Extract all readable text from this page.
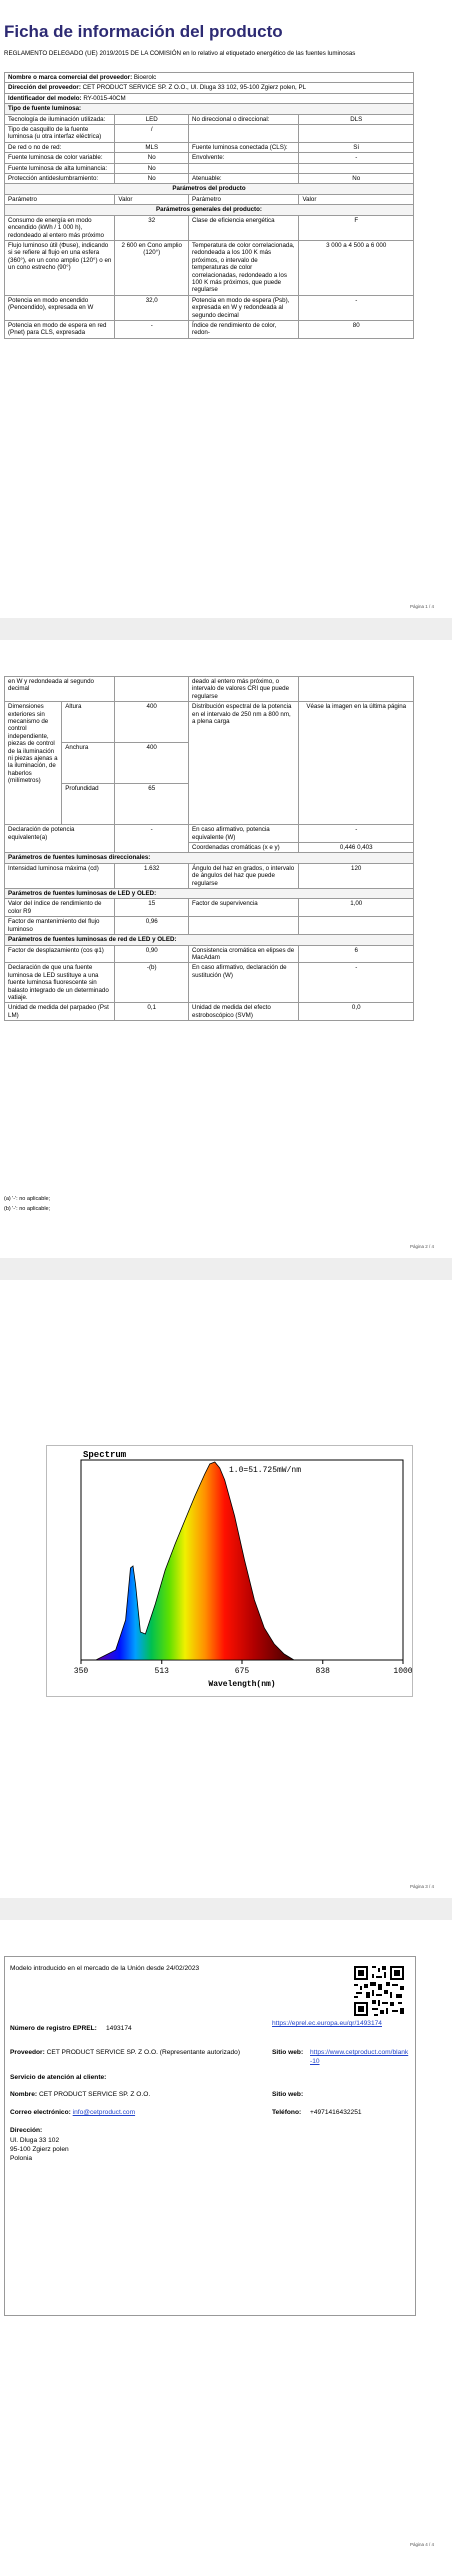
Ficha de información del producto
REGLAMENTO DELEGADO (UE) 2019/2015 DE LA COMISIÓN en lo relativo al etiquetado energético de las fuentes luminosas
Nombre o marca comercial del proveedor: Bioerolc			
Dirección del proveedor: CET PRODUCT SERVICE SP. Z O.O., Ul. Dluga 33 102, 95-100 Zgierz polen, PL			
Identificador del modelo: RY-0015-40CM			
Tipo de fuente luminosa:			
Tecnología de iluminación utilizada:	LED	No direccional o direccional:	DLS
Tipo de casquillo de la fuente luminosa (u otra interfaz eléctrica)	/		
De red o no de red:	MLS	Fuente luminosa conectada (CLS):	Sí
Fuente luminosa de color variable:	No	Envolvente:	-
Fuente luminosa de alta luminancia:	No		
Protección antideslumbramiento:	No	Atenuable:	No
Parámetros del producto			
Parámetro	Valor	Parámetro	Valor
Parámetros generales del producto:			
Consumo de energía en modo encendido (kWh / 1 000 h), redondeado al entero más próximo	32	Clase de eficiencia energética	F
Flujo luminoso útil (Φuse), indicando si se refiere al flujo en una esfera (360°), en un cono amplio (120°) o en un cono estrecho (90°)	2 600 en Cono amplio (120°)	Temperatura de color correlacionada, redondeada a los 100 K más próximos, o intervalo de temperaturas de color correlacionadas, redondeado a los 100 K más próximos, que puede regularse	3 000 a 4 500 a 6 000
Potencia en modo encendido (Pencendido), expresada en W	32,0	Potencia en modo de espera (Psb), expresada en W y redondeada al segundo decimal	-
Potencia en modo de espera en red (Pnet) para CLS, expresada	-	Índice de rendimiento de color, redon-	80
Página 1 / 4
en W y redondeada al segundo decimal			deado al entero más próximo, o intervalo de valores CRI que puede regularse	
Dimensiones exteriores sin mecanismo de control independiente, piezas de control de la iluminación ni piezas ajenas a la iluminación, de haberlos (milímetros)	Altura	400	Distribución espectral de la potencia en el intervalo de 250 nm a 800 nm, a plena carga	Véase la imagen en la última página
	Anchura	400		
	Profundidad	65		
Declaración de potencia equivalente(a)		-	En caso afirmativo, potencia equivalente (W)	-
			Coordenadas cromáticas (x e y)	0,446 0,403
Parámetros de fuentes luminosas direccionales:				
Intensidad luminosa máxima (cd)		1.632	Ángulo del haz en grados, o intervalo de ángulos del haz que puede regularse	120
Parámetros de fuentes luminosas de LED y OLED:				
Valor del índice de rendimiento de color R9		15	Factor de supervivencia	1,00
Factor de mantenimiento del flujo luminoso		0,96		
Parámetros de fuentes luminosas de red de LED y OLED:				
Factor de desplazamiento (cos φ1)		0,90	Consistencia cromática en elipses de MacAdam	6
Declaración de que una fuente luminosa de LED sustituye a una fuente luminosa fluorescente sin balasto integrado de un determinado vatiaje.		-(b)	En caso afirmativo, declaración de sustitución (W)	-
Unidad de medida del parpadeo (Pst LM)		0,1	Unidad de medida del efecto estroboscópico (SVM)	0,0
(a) '-': no aplicable;
(b) '-': no aplicable;
Página 2 / 4
Página 3 / 4
Spectrum
1.0=51.725mW/nm
350	513	675	838	1000
Wavelength(nm)
Modelo introducido en el mercado de la Unión desde 24/02/2023
Número de registro EPREL: 1493174
https://eprel.ec.europa.eu/qr/1493174
Proveedor: CET PRODUCT SERVICE SP. Z O.O. (Representante autorizado)	Sitio web: https://www.cetproduct.com/blank-10
Servicio de atención al cliente:
Nombre: CET PRODUCT SERVICE SP. Z O.O.	Sitio web:
Correo electrónico: info@cetproduct.com	Teléfono: +4971416432251
Dirección:
Ul. Dluga 33 102
95-100 Zgierz polen
Polonia
Página 4 / 4
